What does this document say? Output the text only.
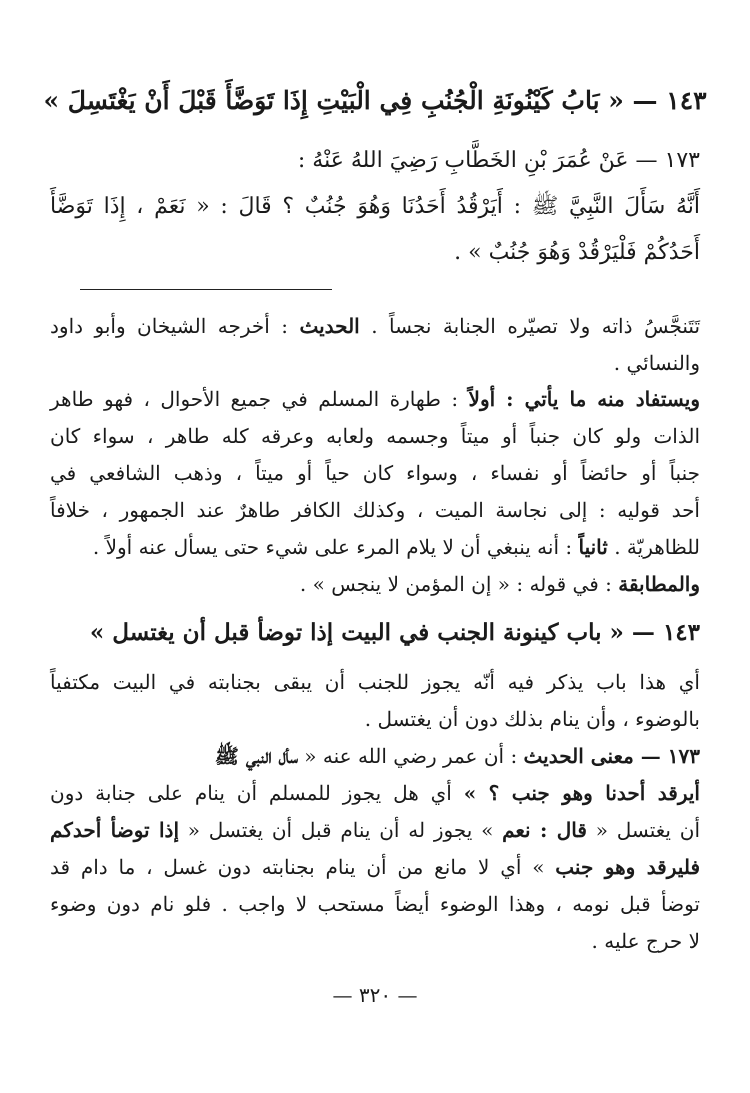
١٤٣ — « بَابُ كَيْنُونَةِ الْجُنُبِ فِي الْبَيْتِ إِذَا تَوَضَّأَ قَبْلَ أَنْ يَغْتَسِلَ »
١٧٣ — عَنْ عُمَرَ بْنِ الخَطَّابِ رَضِيَ اللهُ عَنْهُ :
أَنَّهُ سَأَلَ النَّبِيَّ ﷺ : أَيَرْقُدُ أَحَدُنَا وَهُوَ جُنُبٌ ؟ قَالَ : « نَعَمْ ، إِذَا تَوَضَّأَ
أَحَدُكُمْ فَلْيَرْقُدْ وَهُوَ جُنُبٌ » .
تَتَنجَّسُ ذاته ولا تصيّره الجنابة نجساً . الحديث : أخرجه الشيخان وأبو داود
والنسائي .
ويستفاد منه ما يأتي : أولاً : طهارة المسلم في جميع الأحوال ، فهو طاهر
الذات ولو كان جنباً أو ميتاً وجسمه ولعابه وعرقه كله طاهر ، سواء كان
جنباً أو حائضاً أو نفساء ، وسواء كان حياً أو ميتاً ، وذهب الشافعي في
أحد قوليه : إلى نجاسة الميت ، وكذلك الكافر طاهرٌ عند الجمهور ، خلافاً
للظاهريّة . ثانياً : أنه ينبغي أن لا يلام المرء على شيء حتى يسأل عنه أولاً .
والمطابقة : في قوله : « إن المؤمن لا ينجس » .
١٤٣ — « باب كينونة الجنب في البيت إذا توضأ قبل أن يغتسل »
أي هذا باب يذكر فيه أنّه يجوز للجنب أن يبقى بجنابته في البيت مكتفياً
بالوضوء ، وأن ينام بذلك دون أن يغتسل .
١٧٣ — معنى الحديث : أن عمر رضي الله عنه « سأل النبي ﷺ
أيرقد أحدنا وهو جنب ؟ » أي هل يجوز للمسلم أن ينام على جنابة دون
أن يغتسل « قال : نعم » يجوز له أن ينام قبل أن يغتسل « إذا توضأ أحدكم
فليرقد وهو جنب » أي لا مانع من أن ينام بجنابته دون غسل ، ما دام قد
توضأ قبل نومه ، وهذا الوضوء أيضاً مستحب لا واجب . فلو نام دون وضوء
لا حرج عليه .
— ٣٢٠ —
